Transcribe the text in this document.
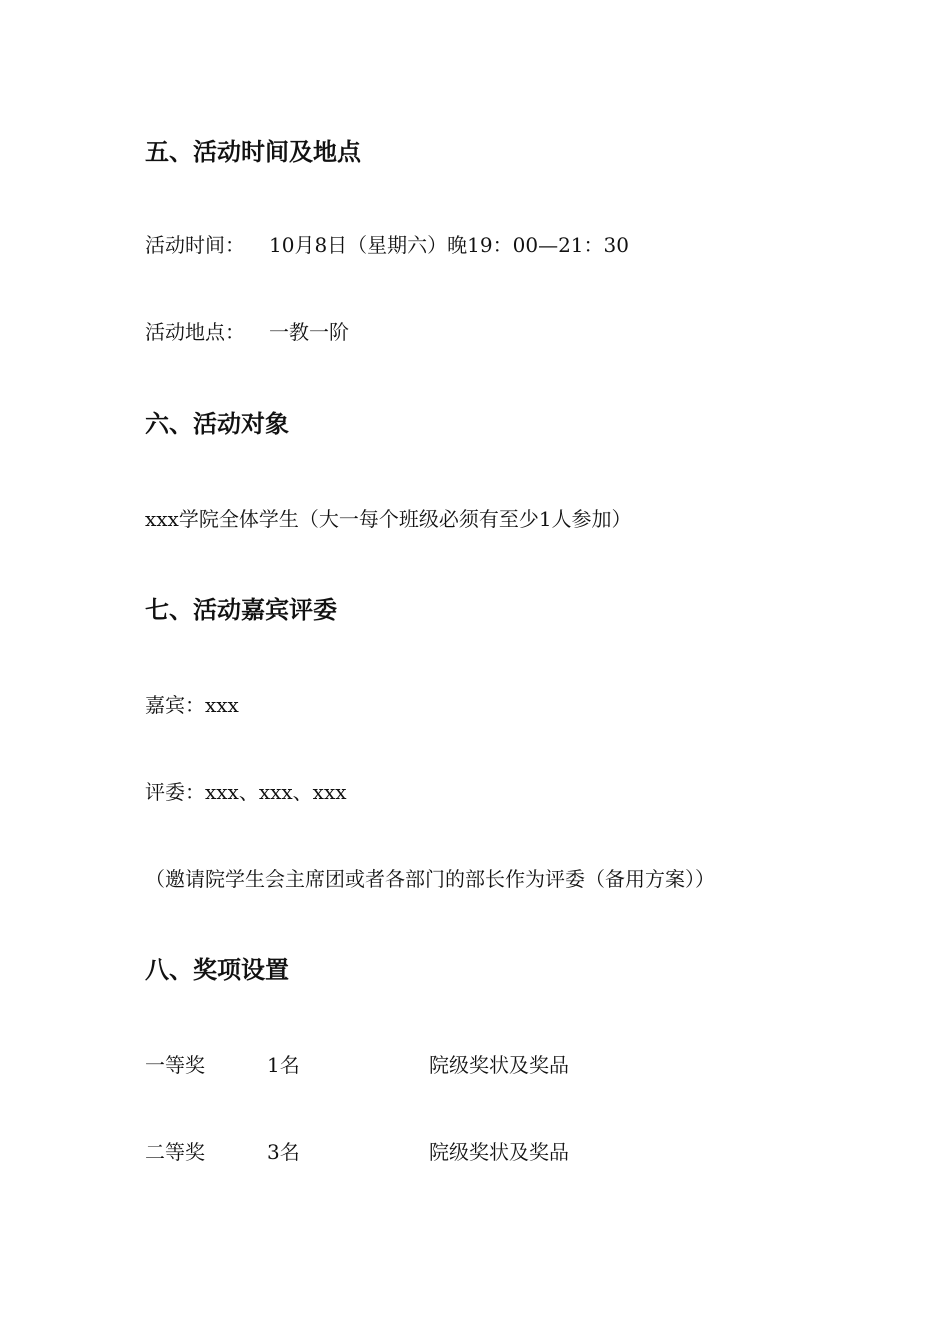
五、活动时间及地点
活动时间： 10月8日（星期六）晚19：00—21：30
活动地点： 一教一阶
六、活动对象
xxx学院全体学生（大一每个班级必须有至少1人参加）
七、活动嘉宾评委
嘉宾：xxx
评委：xxx、xxx、xxx
（邀请院学生会主席团或者各部门的部长作为评委（备用方案））
八、奖项设置
一等奖	1名	院级奖状及奖品
二等奖	3名	院级奖状及奖品
